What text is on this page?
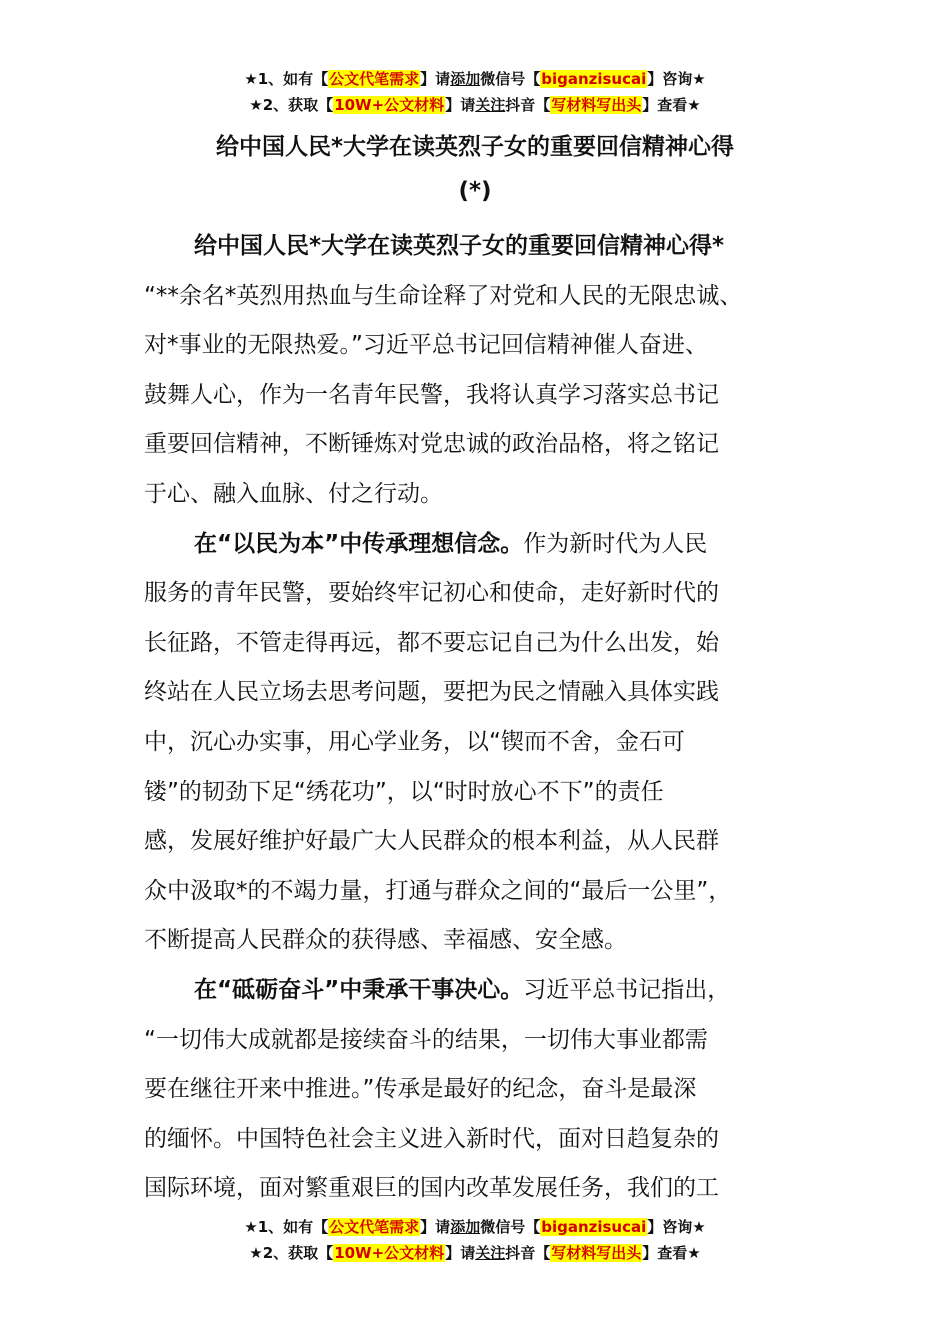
★1、如有【公文代笔需求】请添加微信号【biganzisucai】咨询★
★2、获取【10W+公文材料】请关注抖音【写材料写出头】查看★
给中国人民*大学在读英烈子女的重要回信精神心得
(*)

给中国人民*大学在读英烈子女的重要回信精神心得*

“**余名*英烈用热血与生命诠释了对党和人民的无限忠诚、

对*事业的无限热爱。”习近平总书记回信精神催人奋进、

鼓舞人心，作为一名青年民警，我将认真学习落实总书记

重要回信精神，不断锤炼对党忠诚的政治品格，将之铭记

于心、融入血脉、付之行动。

在“以民为本”中传承理想信念。作为新时代为人民

服务的青年民警，要始终牢记初心和使命，走好新时代的

长征路，不管走得再远，都不要忘记自己为什么出发，始

终站在人民立场去思考问题，要把为民之情融入具体实践

中，沉心办实事，用心学业务，以“锲而不舍，金石可

镂”的韧劲下足“绣花功”，以“时时放心不下”的责任

感，发展好维护好最广大人民群众的根本利益，从人民群

众中汲取*的不竭力量，打通与群众之间的“最后一公里”，

不断提高人民群众的获得感、幸福感、安全感。

在“砥砺奋斗”中秉承干事决心。习近平总书记指出，

“一切伟大成就都是接续奋斗的结果，一切伟大事业都需

要在继往开来中推进。”传承是最好的纪念，奋斗是最深

的缅怀。中国特色社会主义进入新时代，面对日趋复杂的

国际环境，面对繁重艰巨的国内改革发展任务，我们的工

★1、如有【公文代笔需求】请添加微信号【biganzisucai】咨询★
★2、获取【10W+公文材料】请关注抖音【写材料写出头】查看★
